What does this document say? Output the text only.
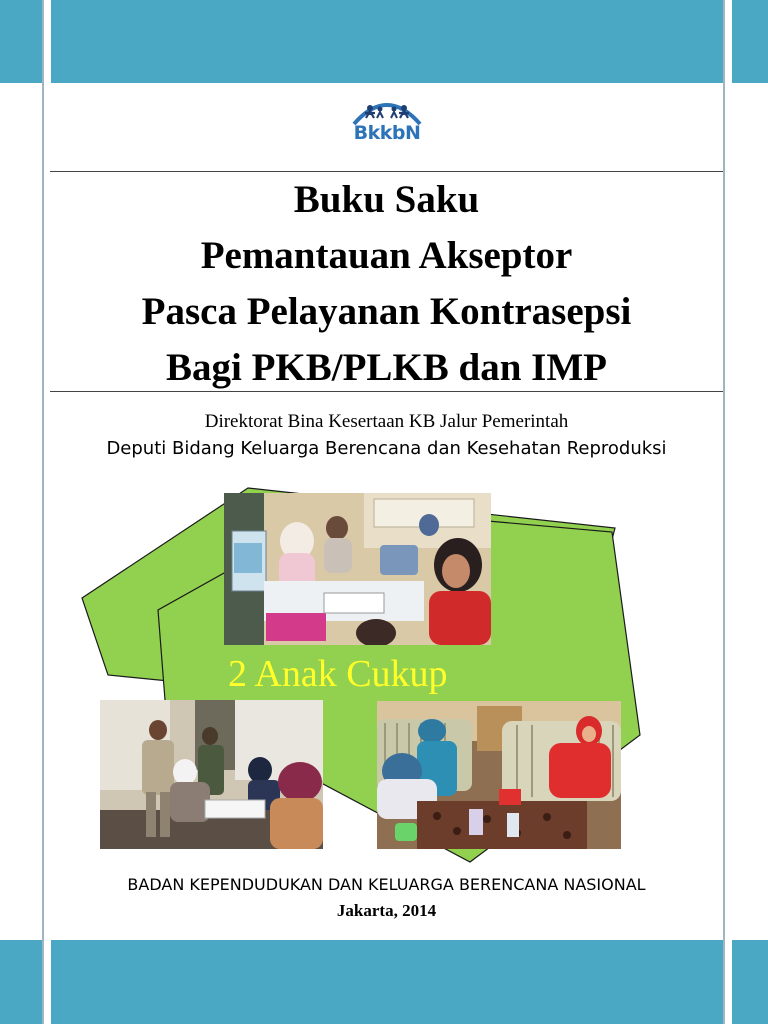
BkkbN
Buku Saku
Pemantauan Akseptor
Pasca Pelayanan Kontrasepsi
Bagi PKB/PLKB dan IMP
Direktorat Bina Kesertaan KB Jalur Pemerintah
Deputi Bidang Keluarga Berencana dan Kesehatan Reproduksi
2 Anak Cukup
BADAN KEPENDUDUKAN DAN KELUARGA BERENCANA NASIONAL
Jakarta, 2014
